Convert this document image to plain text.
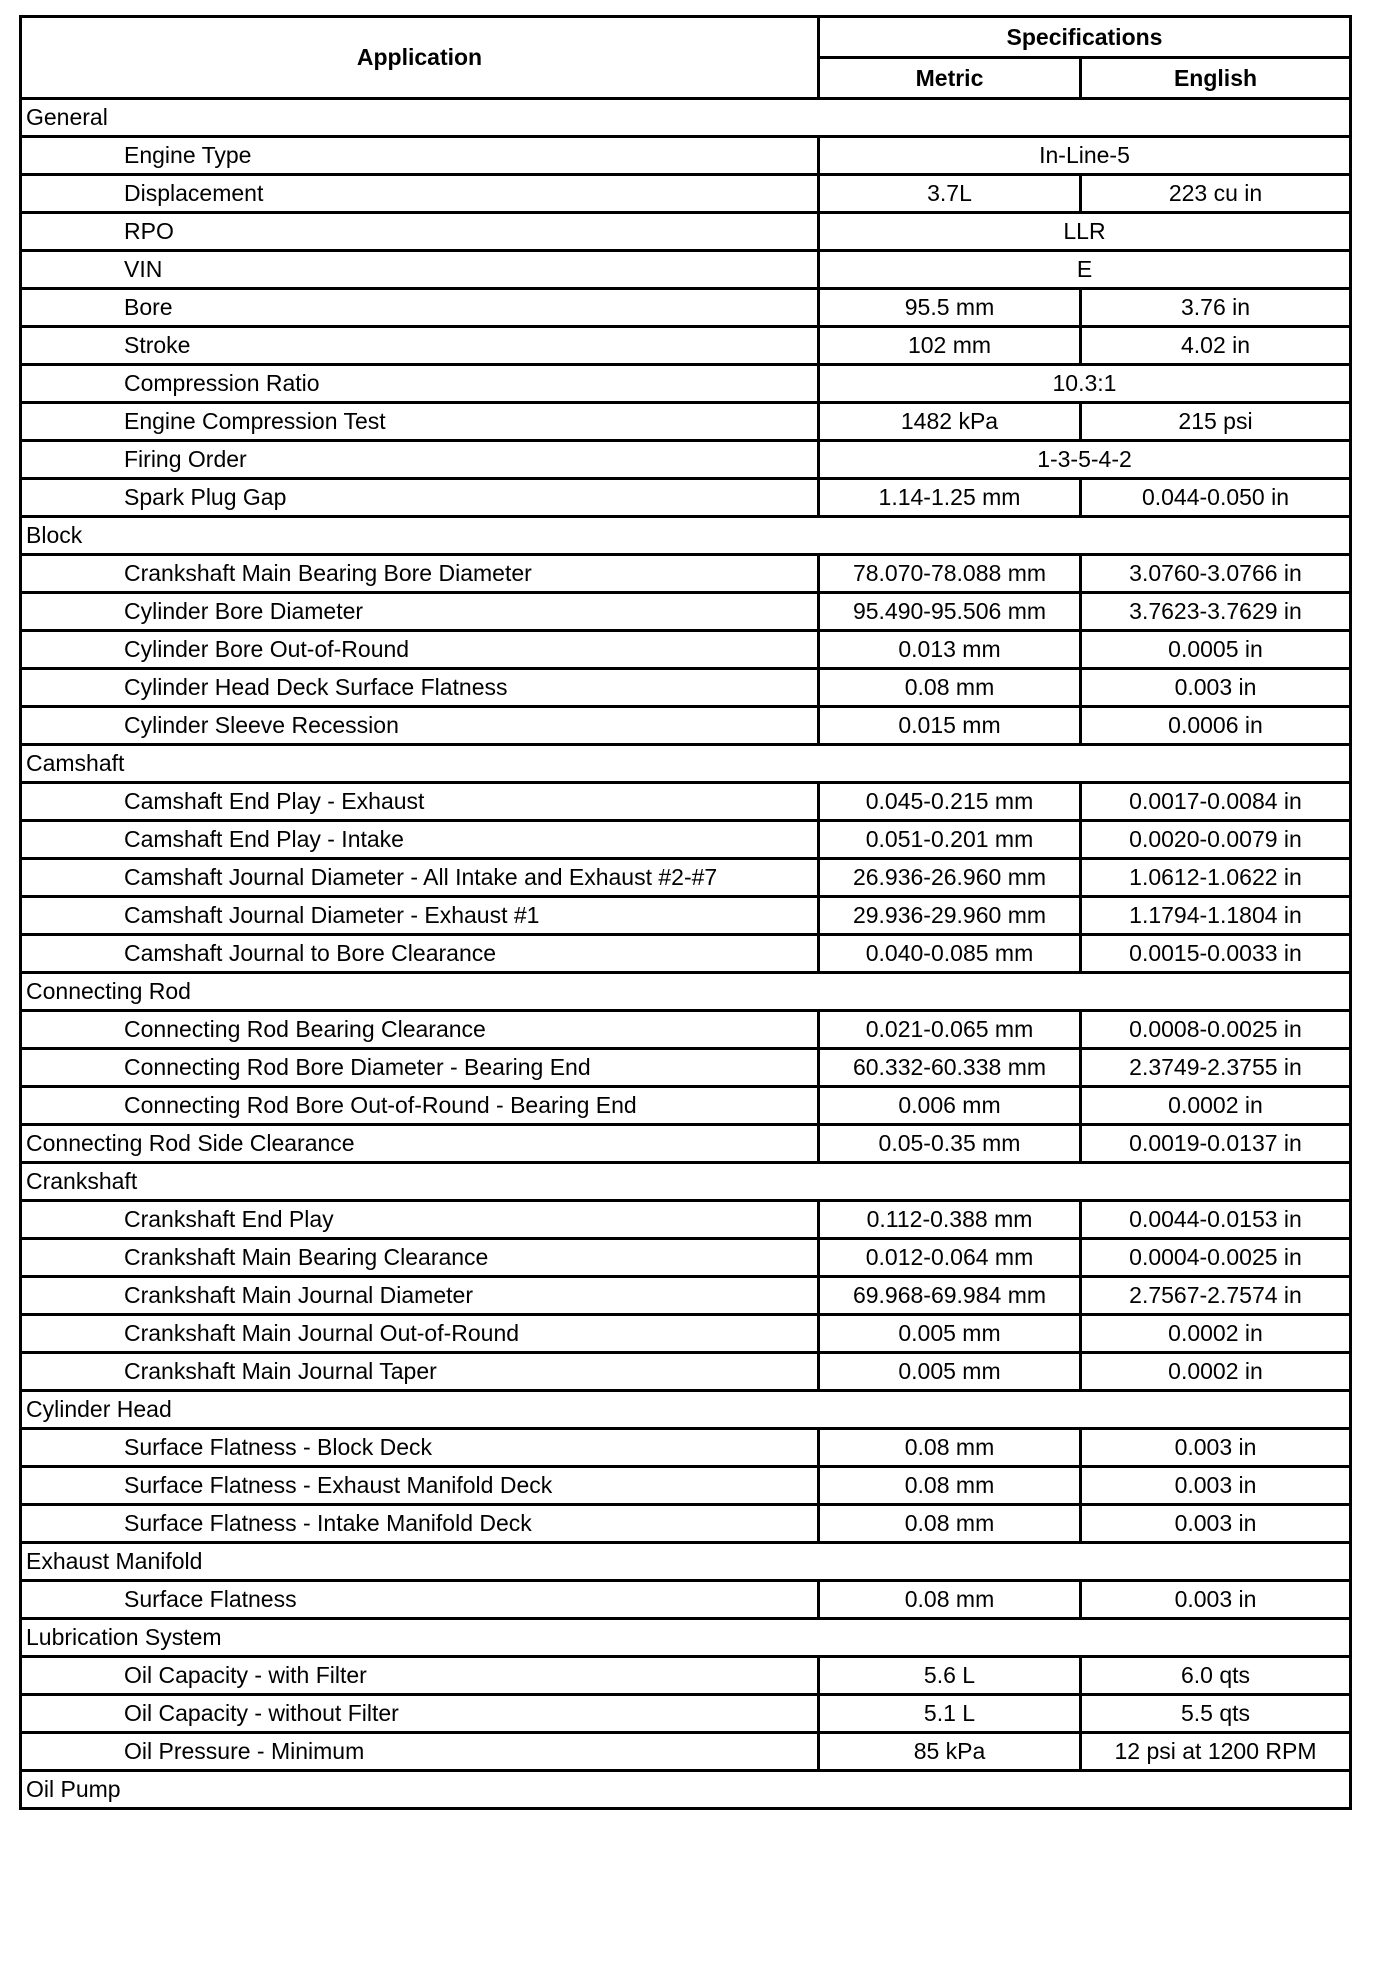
Application	Specifications	
	Metric	English
General		
Engine Type	In-Line-5	
Displacement	3.7L	223 cu in
RPO	LLR	
VIN	E	
Bore	95.5 mm	3.76 in
Stroke	102 mm	4.02 in
Compression Ratio	10.3:1	
Engine Compression Test	1482 kPa	215 psi
Firing Order	1-3-5-4-2	
Spark Plug Gap	1.14-1.25 mm	0.044-0.050 in
Block		
Crankshaft Main Bearing Bore Diameter	78.070-78.088 mm	3.0760-3.0766 in
Cylinder Bore Diameter	95.490-95.506 mm	3.7623-3.7629 in
Cylinder Bore Out-of-Round	0.013 mm	0.0005 in
Cylinder Head Deck Surface Flatness	0.08 mm	0.003 in
Cylinder Sleeve Recession	0.015 mm	0.0006 in
Camshaft		
Camshaft End Play - Exhaust	0.045-0.215 mm	0.0017-0.0084 in
Camshaft End Play - Intake	0.051-0.201 mm	0.0020-0.0079 in
Camshaft Journal Diameter - All Intake and Exhaust #2-#7	26.936-26.960 mm	1.0612-1.0622 in
Camshaft Journal Diameter - Exhaust #1	29.936-29.960 mm	1.1794-1.1804 in
Camshaft Journal to Bore Clearance	0.040-0.085 mm	0.0015-0.0033 in
Connecting Rod		
Connecting Rod Bearing Clearance	0.021-0.065 mm	0.0008-0.0025 in
Connecting Rod Bore Diameter - Bearing End	60.332-60.338 mm	2.3749-2.3755 in
Connecting Rod Bore Out-of-Round - Bearing End	0.006 mm	0.0002 in
Connecting Rod Side Clearance	0.05-0.35 mm	0.0019-0.0137 in
Crankshaft		
Crankshaft End Play	0.112-0.388 mm	0.0044-0.0153 in
Crankshaft Main Bearing Clearance	0.012-0.064 mm	0.0004-0.0025 in
Crankshaft Main Journal Diameter	69.968-69.984 mm	2.7567-2.7574 in
Crankshaft Main Journal Out-of-Round	0.005 mm	0.0002 in
Crankshaft Main Journal Taper	0.005 mm	0.0002 in
Cylinder Head		
Surface Flatness - Block Deck	0.08 mm	0.003 in
Surface Flatness - Exhaust Manifold Deck	0.08 mm	0.003 in
Surface Flatness - Intake Manifold Deck	0.08 mm	0.003 in
Exhaust Manifold		
Surface Flatness	0.08 mm	0.003 in
Lubrication System		
Oil Capacity - with Filter	5.6 L	6.0 qts
Oil Capacity - without Filter	5.1 L	5.5 qts
Oil Pressure - Minimum	85 kPa	12 psi at 1200 RPM
Oil Pump		
